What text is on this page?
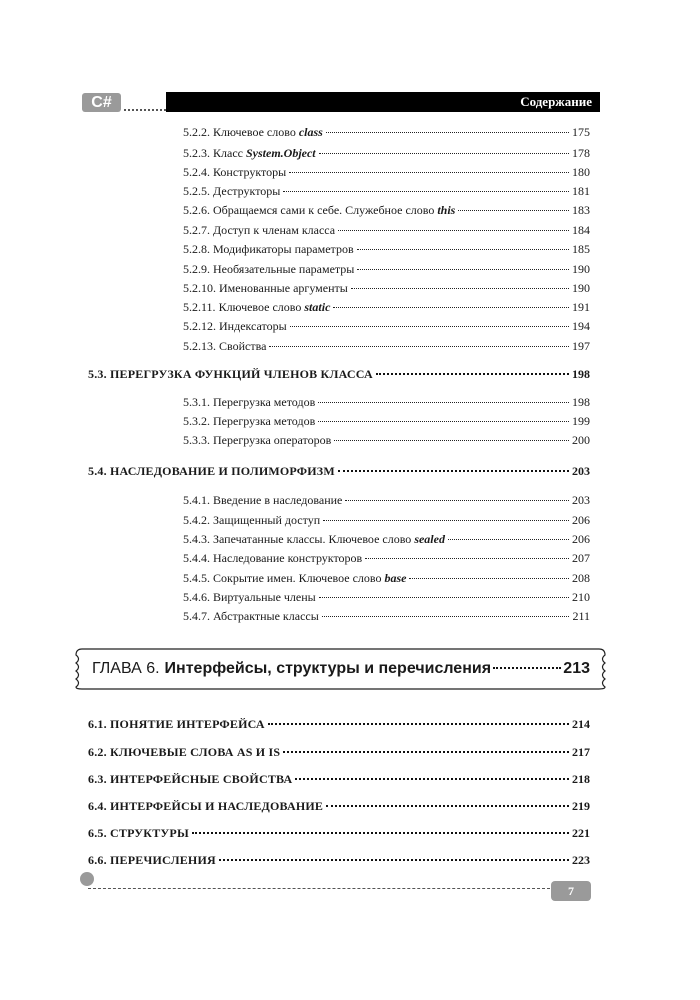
C#	Содержание
5.2.2. Ключевое слово class	175
5.2.3. Класс System.Object	178
5.2.4. Конструкторы	180
5.2.5. Деструкторы	181
5.2.6. Обращаемся сами к себе. Служебное слово this	183
5.2.7. Доступ к членам класса	184
5.2.8. Модификаторы параметров	185
5.2.9. Необязательные параметры	190
5.2.10. Именованные аргументы	190
5.2.11. Ключевое слово static	191
5.2.12. Индексаторы	194
5.2.13. Свойства	197
5.3. ПЕРЕГРУЗКА ФУНКЦИЙ ЧЛЕНОВ КЛАССА	198
5.3.1. Перегрузка методов	198
5.3.2. Перегрузка методов	199
5.3.3. Перегрузка операторов	200
5.4. НАСЛЕДОВАНИЕ И ПОЛИМОРФИЗМ	203
5.4.1. Введение в наследование	203
5.4.2. Защищенный доступ	206
5.4.3. Запечатанные классы. Ключевое слово sealed	206
5.4.4. Наследование конструкторов	207
5.4.5. Сокрытие имен. Ключевое слово base	208
5.4.6. Виртуальные члены	210
5.4.7. Абстрактные классы	211
ГЛАВА 6. Интерфейсы, структуры и перечисления	213
6.1. ПОНЯТИЕ ИНТЕРФЕЙСА	214
6.2. КЛЮЧЕВЫЕ СЛОВА AS И IS	217
6.3. ИНТЕРФЕЙСНЫЕ СВОЙСТВА	218
6.4. ИНТЕРФЕЙСЫ И НАСЛЕДОВАНИЕ	219
6.5. СТРУКТУРЫ	221
6.6. ПЕРЕЧИСЛЕНИЯ	223
7
